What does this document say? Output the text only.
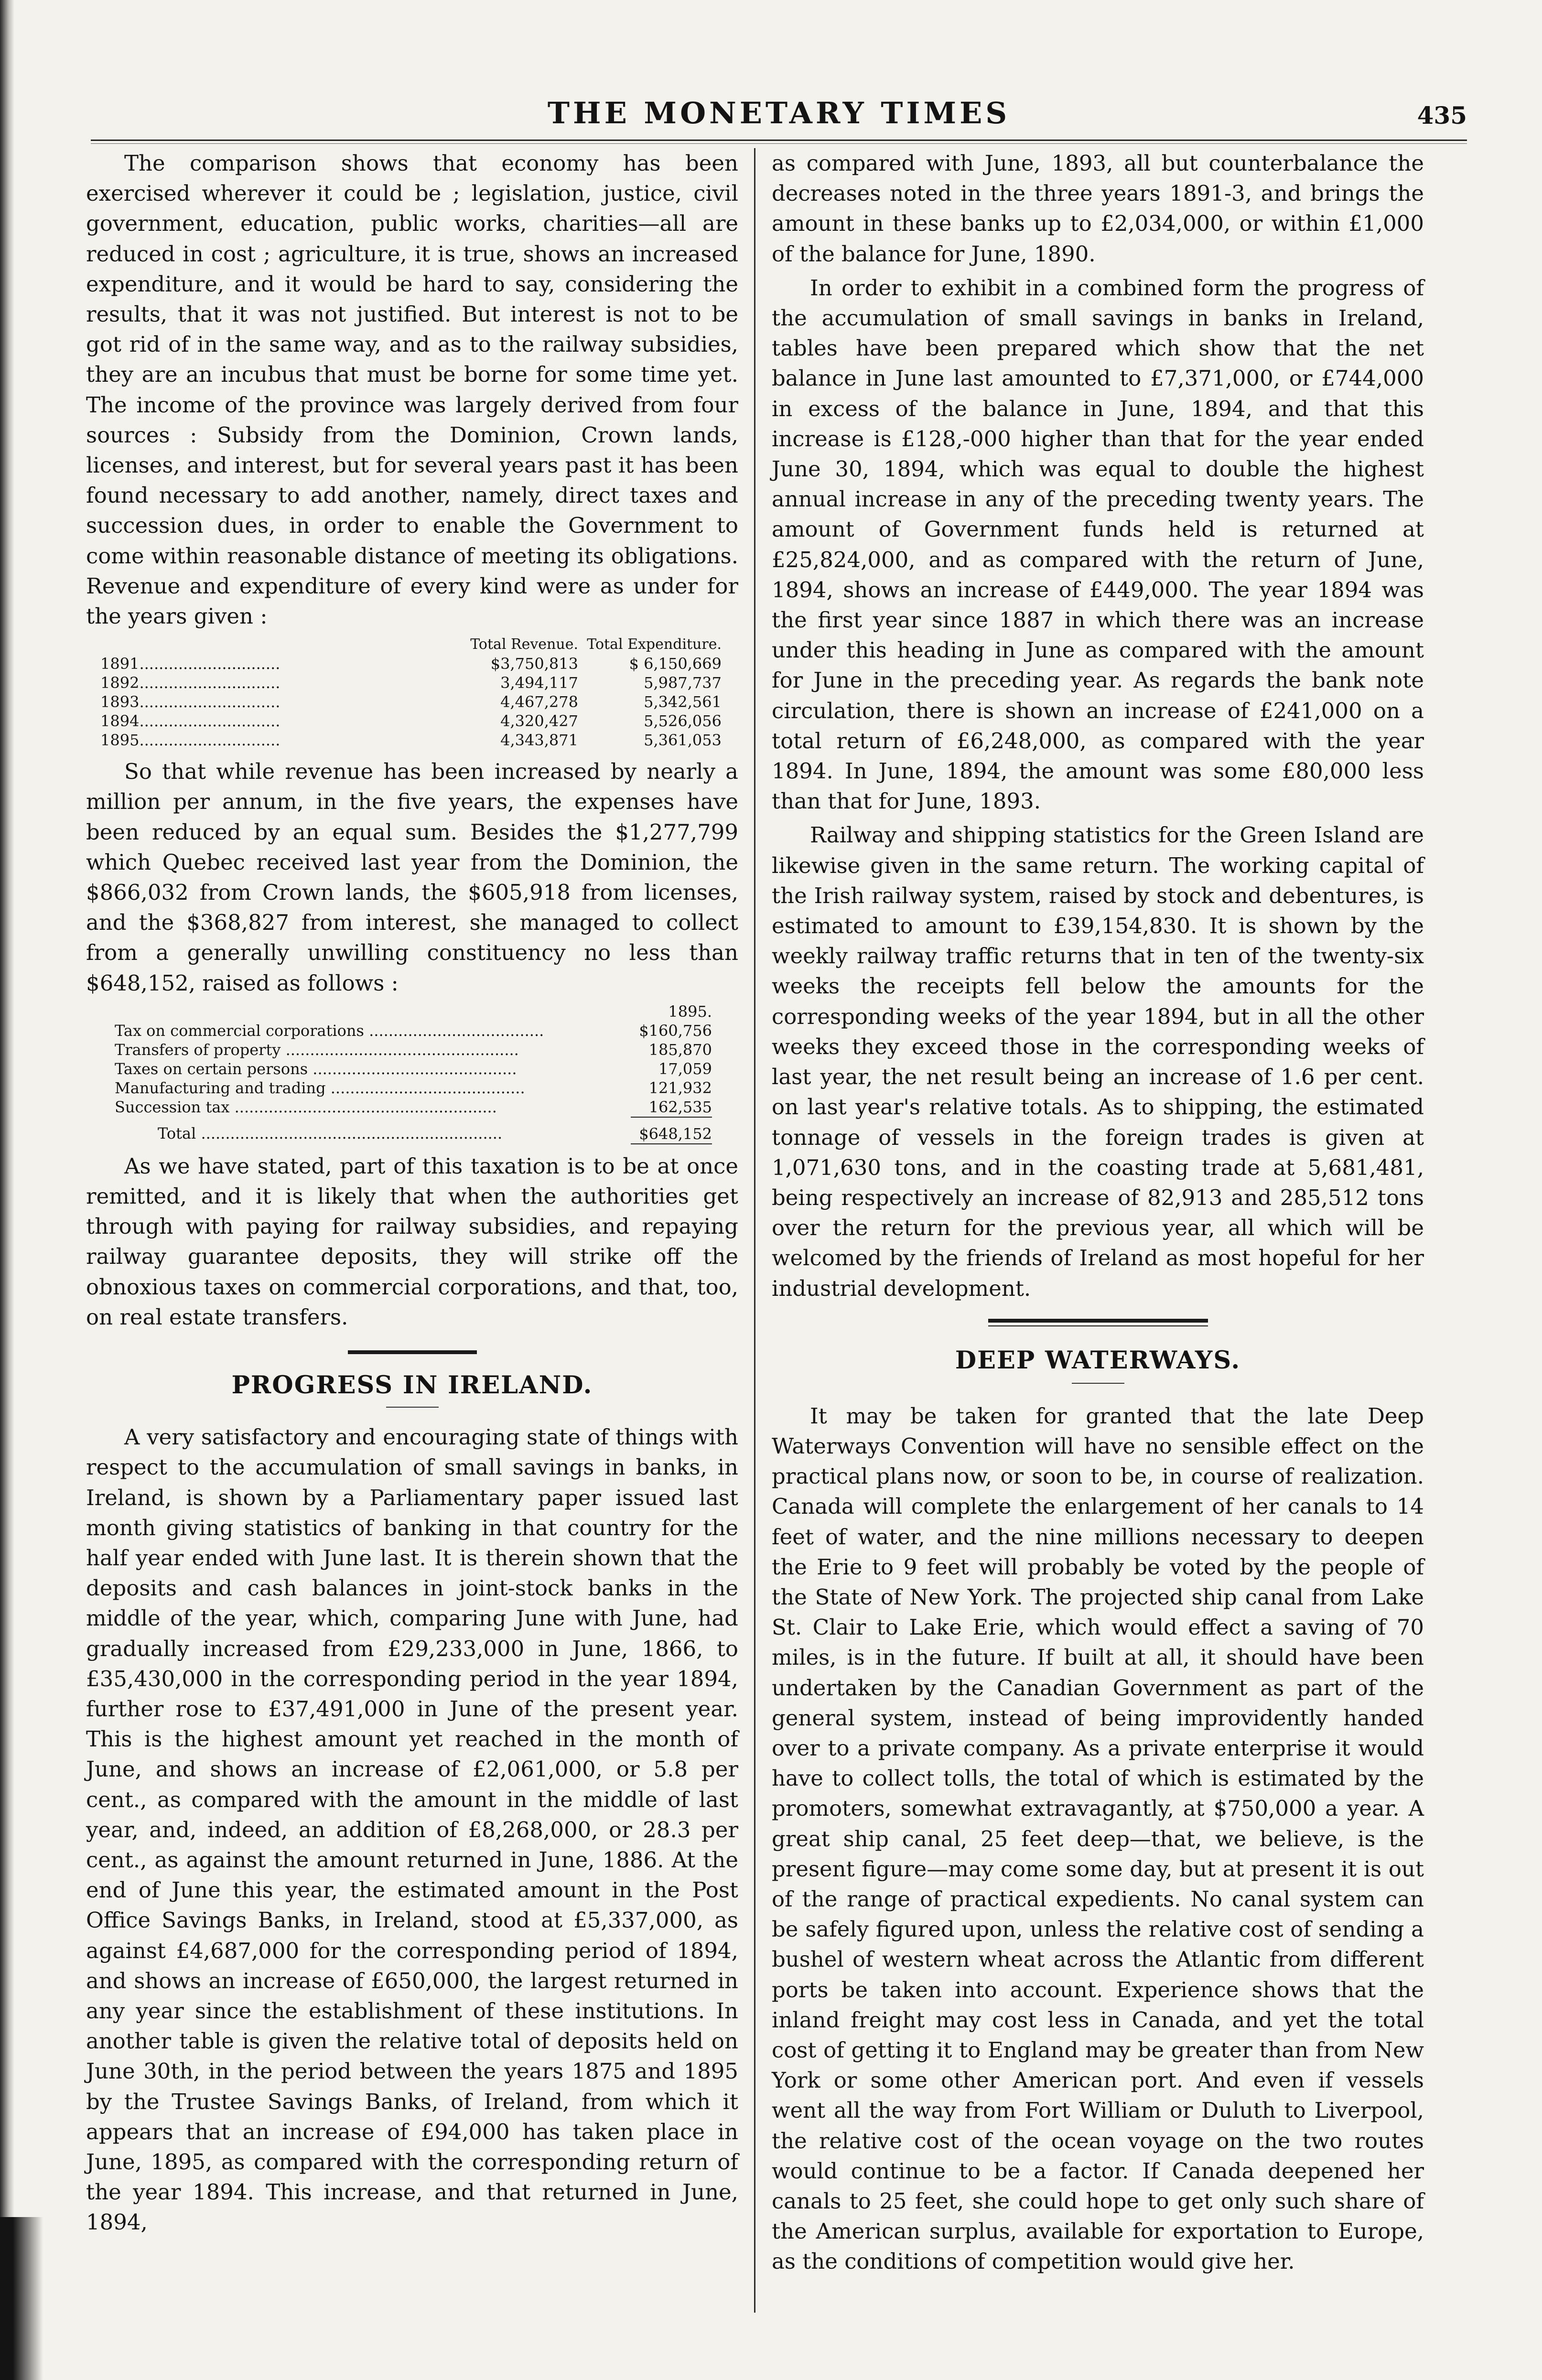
THE MONETARY TIMES	435

The comparison shows that economy has been exercised wherever it could be ; legislation, justice, civil government, education, public works, charities—all are reduced in cost ; agriculture, it is true, shows an increased expenditure, and it would be hard to say, considering the results, that it was not justified. But interest is not to be got rid of in the same way, and as to the railway subsidies, they are an incubus that must be borne for some time yet. The income of the province was largely derived from four sources : Subsidy from the Dominion, Crown lands, licenses, and interest, but for several years past it has been found necessary to add another, namely, direct taxes and succession dues, in order to enable the Government to come within reasonable distance of meeting its obligations. Revenue and expenditure of every kind were as under for the years given :

	Total Revenue.	Total Expenditure.
1891.............................	$3,750,813	$ 6,150,669
1892.............................	3,494,117	5,987,737
1893.............................	4,467,278	5,342,561
1894.............................	4,320,427	5,526,056
1895.............................	4,343,871	5,361,053

So that while revenue has been increased by nearly a million per annum, in the five years, the expenses have been reduced by an equal sum. Besides the $1,277,799 which Quebec received last year from the Dominion, the $866,032 from Crown lands, the $605,918 from licenses, and the $368,827 from interest, she managed to collect from a generally unwilling constituency no less than $648,152, raised as follows :

	1895.
Tax on commercial corporations ....................................	$160,756
Transfers of property ................................................	185,870
Taxes on certain persons ..........................................	17,059
Manufacturing and trading ........................................	121,932
Succession tax ......................................................	162,535
Total ..............................................................	$648,152

As we have stated, part of this taxation is to be at once remitted, and it is likely that when the authorities get through with paying for railway subsidies, and repaying railway guarantee deposits, they will strike off the obnoxious taxes on commercial corporations, and that, too, on real estate transfers.

PROGRESS IN IRELAND.

A very satisfactory and encouraging state of things with respect to the accumulation of small savings in banks, in Ireland, is shown by a Parliamentary paper issued last month giving statistics of banking in that country for the half year ended with June last. It is therein shown that the deposits and cash balances in joint-stock banks in the middle of the year, which, comparing June with June, had gradually increased from £29,233,000 in June, 1866, to £35,430,000 in the corresponding period in the year 1894, further rose to £37,491,000 in June of the present year. This is the highest amount yet reached in the month of June, and shows an increase of £2,061,000, or 5.8 per cent., as compared with the amount in the middle of last year, and, indeed, an addition of £8,268,000, or 28.3 per cent., as against the amount returned in June, 1886. At the end of June this year, the estimated amount in the Post Office Savings Banks, in Ireland, stood at £5,337,000, as against £4,687,000 for the corresponding period of 1894, and shows an increase of £650,000, the largest returned in any year since the establishment of these institutions. In another table is given the relative total of deposits held on June 30th, in the period between the years 1875 and 1895 by the Trustee Savings Banks, of Ireland, from which it appears that an increase of £94,000 has taken place in June, 1895, as compared with the corresponding return of the year 1894. This increase, and that returned in June, 1894,

as compared with June, 1893, all but counterbalance the decreases noted in the three years 1891-3, and brings the amount in these banks up to £2,034,000, or within £1,000 of the balance for June, 1890.

In order to exhibit in a combined form the progress of the accumulation of small savings in banks in Ireland, tables have been prepared which show that the net balance in June last amounted to £7,371,000, or £744,000 in excess of the balance in June, 1894, and that this increase is £128,-000 higher than that for the year ended June 30, 1894, which was equal to double the highest annual increase in any of the preceding twenty years. The amount of Government funds held is returned at £25,824,000, and as compared with the return of June, 1894, shows an increase of £449,000. The year 1894 was the first year since 1887 in which there was an increase under this heading in June as compared with the amount for June in the preceding year. As regards the bank note circulation, there is shown an increase of £241,000 on a total return of £6,248,000, as compared with the year 1894. In June, 1894, the amount was some £80,000 less than that for June, 1893.

Railway and shipping statistics for the Green Island are likewise given in the same return. The working capital of the Irish railway system, raised by stock and debentures, is estimated to amount to £39,154,830. It is shown by the weekly railway traffic returns that in ten of the twenty-six weeks the receipts fell below the amounts for the corresponding weeks of the year 1894, but in all the other weeks they exceed those in the corresponding weeks of last year, the net result being an increase of 1.6 per cent. on last year's relative totals. As to shipping, the estimated tonnage of vessels in the foreign trades is given at 1,071,630 tons, and in the coasting trade at 5,681,481, being respectively an increase of 82,913 and 285,512 tons over the return for the previous year, all which will be welcomed by the friends of Ireland as most hopeful for her industrial development.

DEEP WATERWAYS.

It may be taken for granted that the late Deep Waterways Convention will have no sensible effect on the practical plans now, or soon to be, in course of realization. Canada will complete the enlargement of her canals to 14 feet of water, and the nine millions necessary to deepen the Erie to 9 feet will probably be voted by the people of the State of New York. The projected ship canal from Lake St. Clair to Lake Erie, which would effect a saving of 70 miles, is in the future. If built at all, it should have been undertaken by the Canadian Government as part of the general system, instead of being improvidently handed over to a private company. As a private enterprise it would have to collect tolls, the total of which is estimated by the promoters, somewhat extravagantly, at $750,000 a year. A great ship canal, 25 feet deep—that, we believe, is the present figure—may come some day, but at present it is out of the range of practical expedients. No canal system can be safely figured upon, unless the relative cost of sending a bushel of western wheat across the Atlantic from different ports be taken into account. Experience shows that the inland freight may cost less in Canada, and yet the total cost of getting it to England may be greater than from New York or some other American port. And even if vessels went all the way from Fort William or Duluth to Liverpool, the relative cost of the ocean voyage on the two routes would continue to be a factor. If Canada deepened her canals to 25 feet, she could hope to get only such share of the American surplus, available for exportation to Europe, as the conditions of competition would give her.
